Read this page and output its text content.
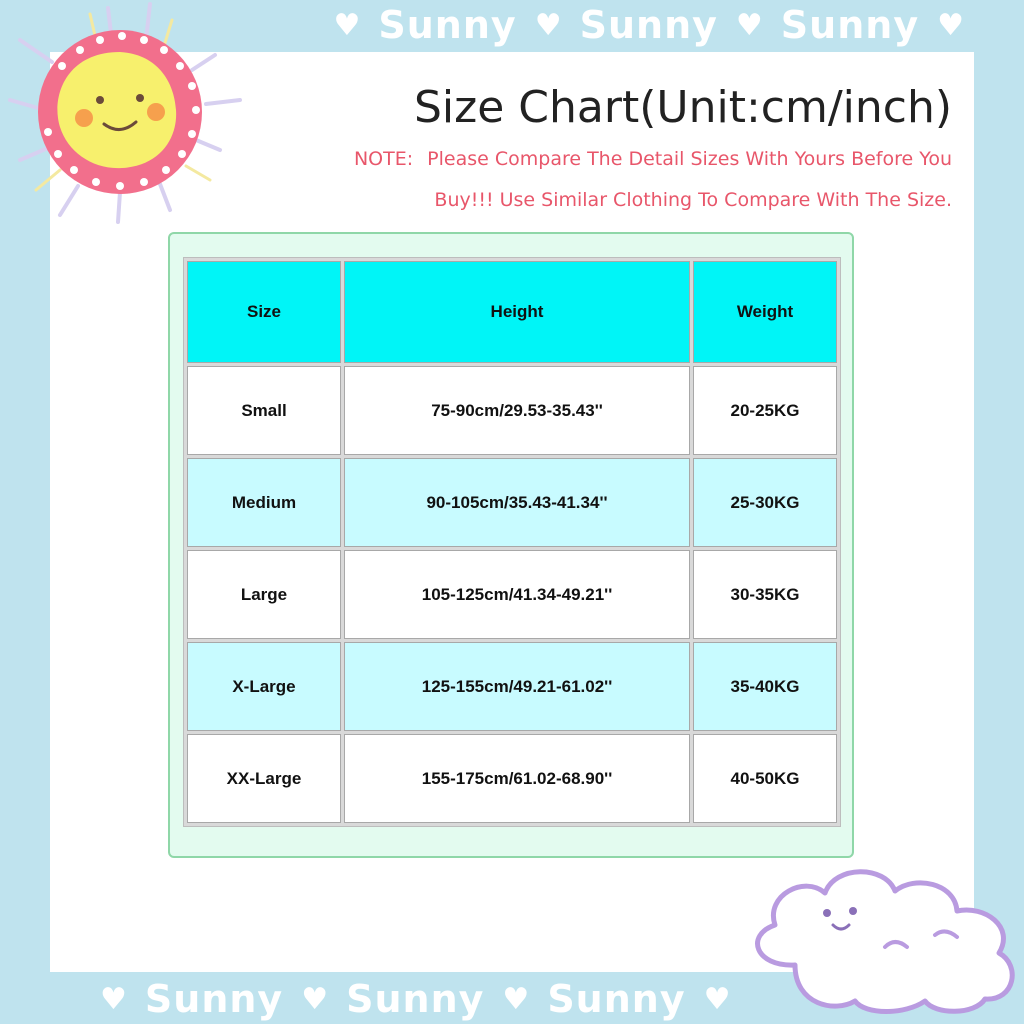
♥ Sunny ♥ Sunny ♥ Sunny ♥
Size Chart(Unit:cm/inch)
NOTE: Please Compare The Detail Sizes With Yours Before You
Buy!!! Use Similar Clothing To Compare With The Size.
Size	Height	Weight
Small	75-90cm/29.53-35.43''	20-25KG
Medium	90-105cm/35.43-41.34''	25-30KG
Large	105-125cm/41.34-49.21''	30-35KG
X-Large	125-155cm/49.21-61.02''	35-40KG
XX-Large	155-175cm/61.02-68.90''	40-50KG
♥ Sunny ♥ Sunny ♥ Sunny ♥
